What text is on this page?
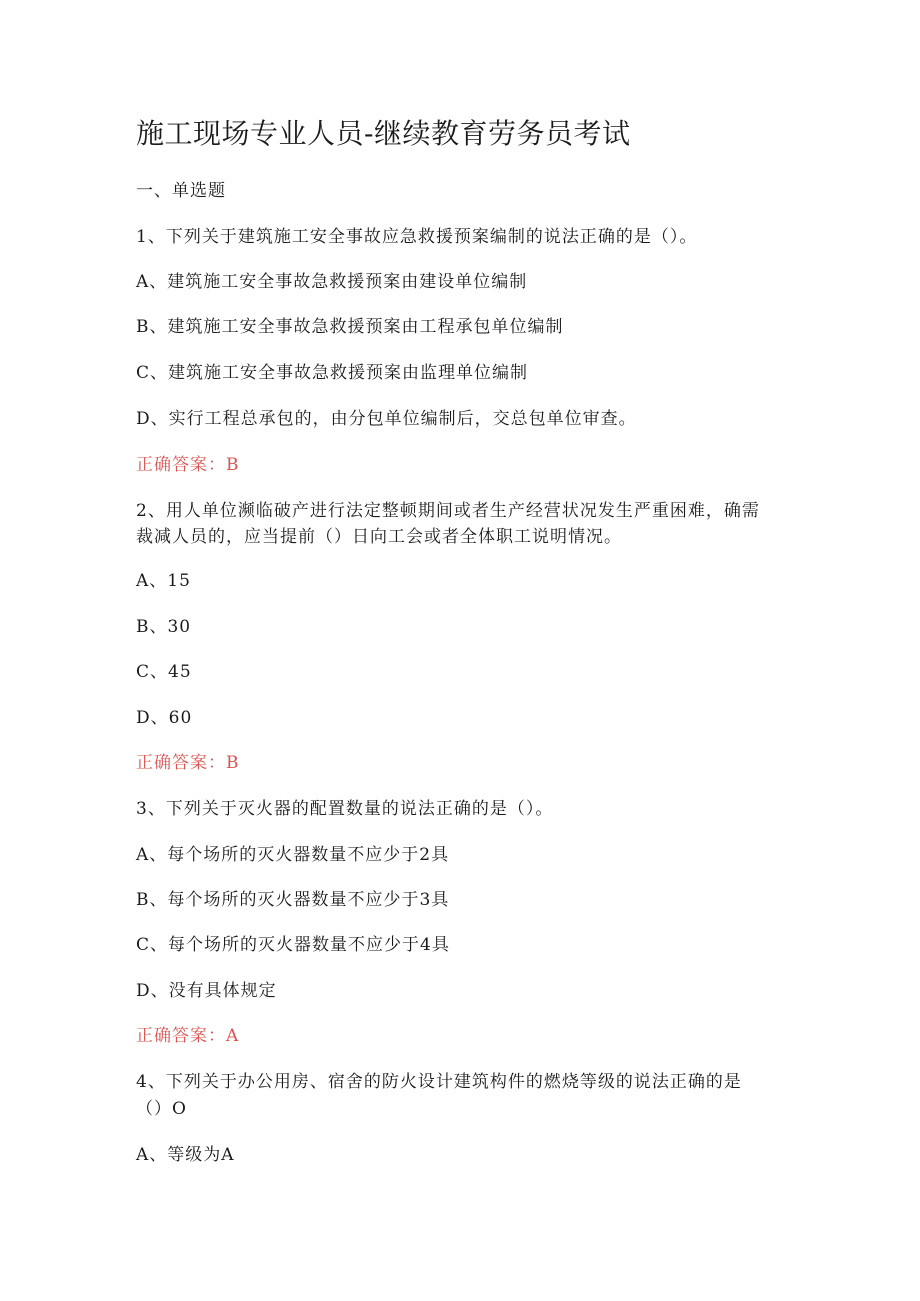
施工现场专业人员-继续教育劳务员考试
一、单选题
1、下列关于建筑施工安全事故应急救援预案编制的说法正确的是（）。
A、建筑施工安全事故急救援预案由建设单位编制
B、建筑施工安全事故急救援预案由工程承包单位编制
C、建筑施工安全事故急救援预案由监理单位编制
D、实行工程总承包的，由分包单位编制后，交总包单位审查。
正确答案：B
2、用人单位濒临破产进行法定整顿期间或者生产经营状况发生严重困难，确需
裁减人员的，应当提前（）日向工会或者全体职工说明情况。
A、15
B、30
C、45
D、60
正确答案：B
3、下列关于灭火器的配置数量的说法正确的是（）。
A、每个场所的灭火器数量不应少于2具
B、每个场所的灭火器数量不应少于3具
C、每个场所的灭火器数量不应少于4具
D、没有具体规定
正确答案：A
4、下列关于办公用房、宿舍的防火设计建筑构件的燃烧等级的说法正确的是
（）O
A、等级为A
